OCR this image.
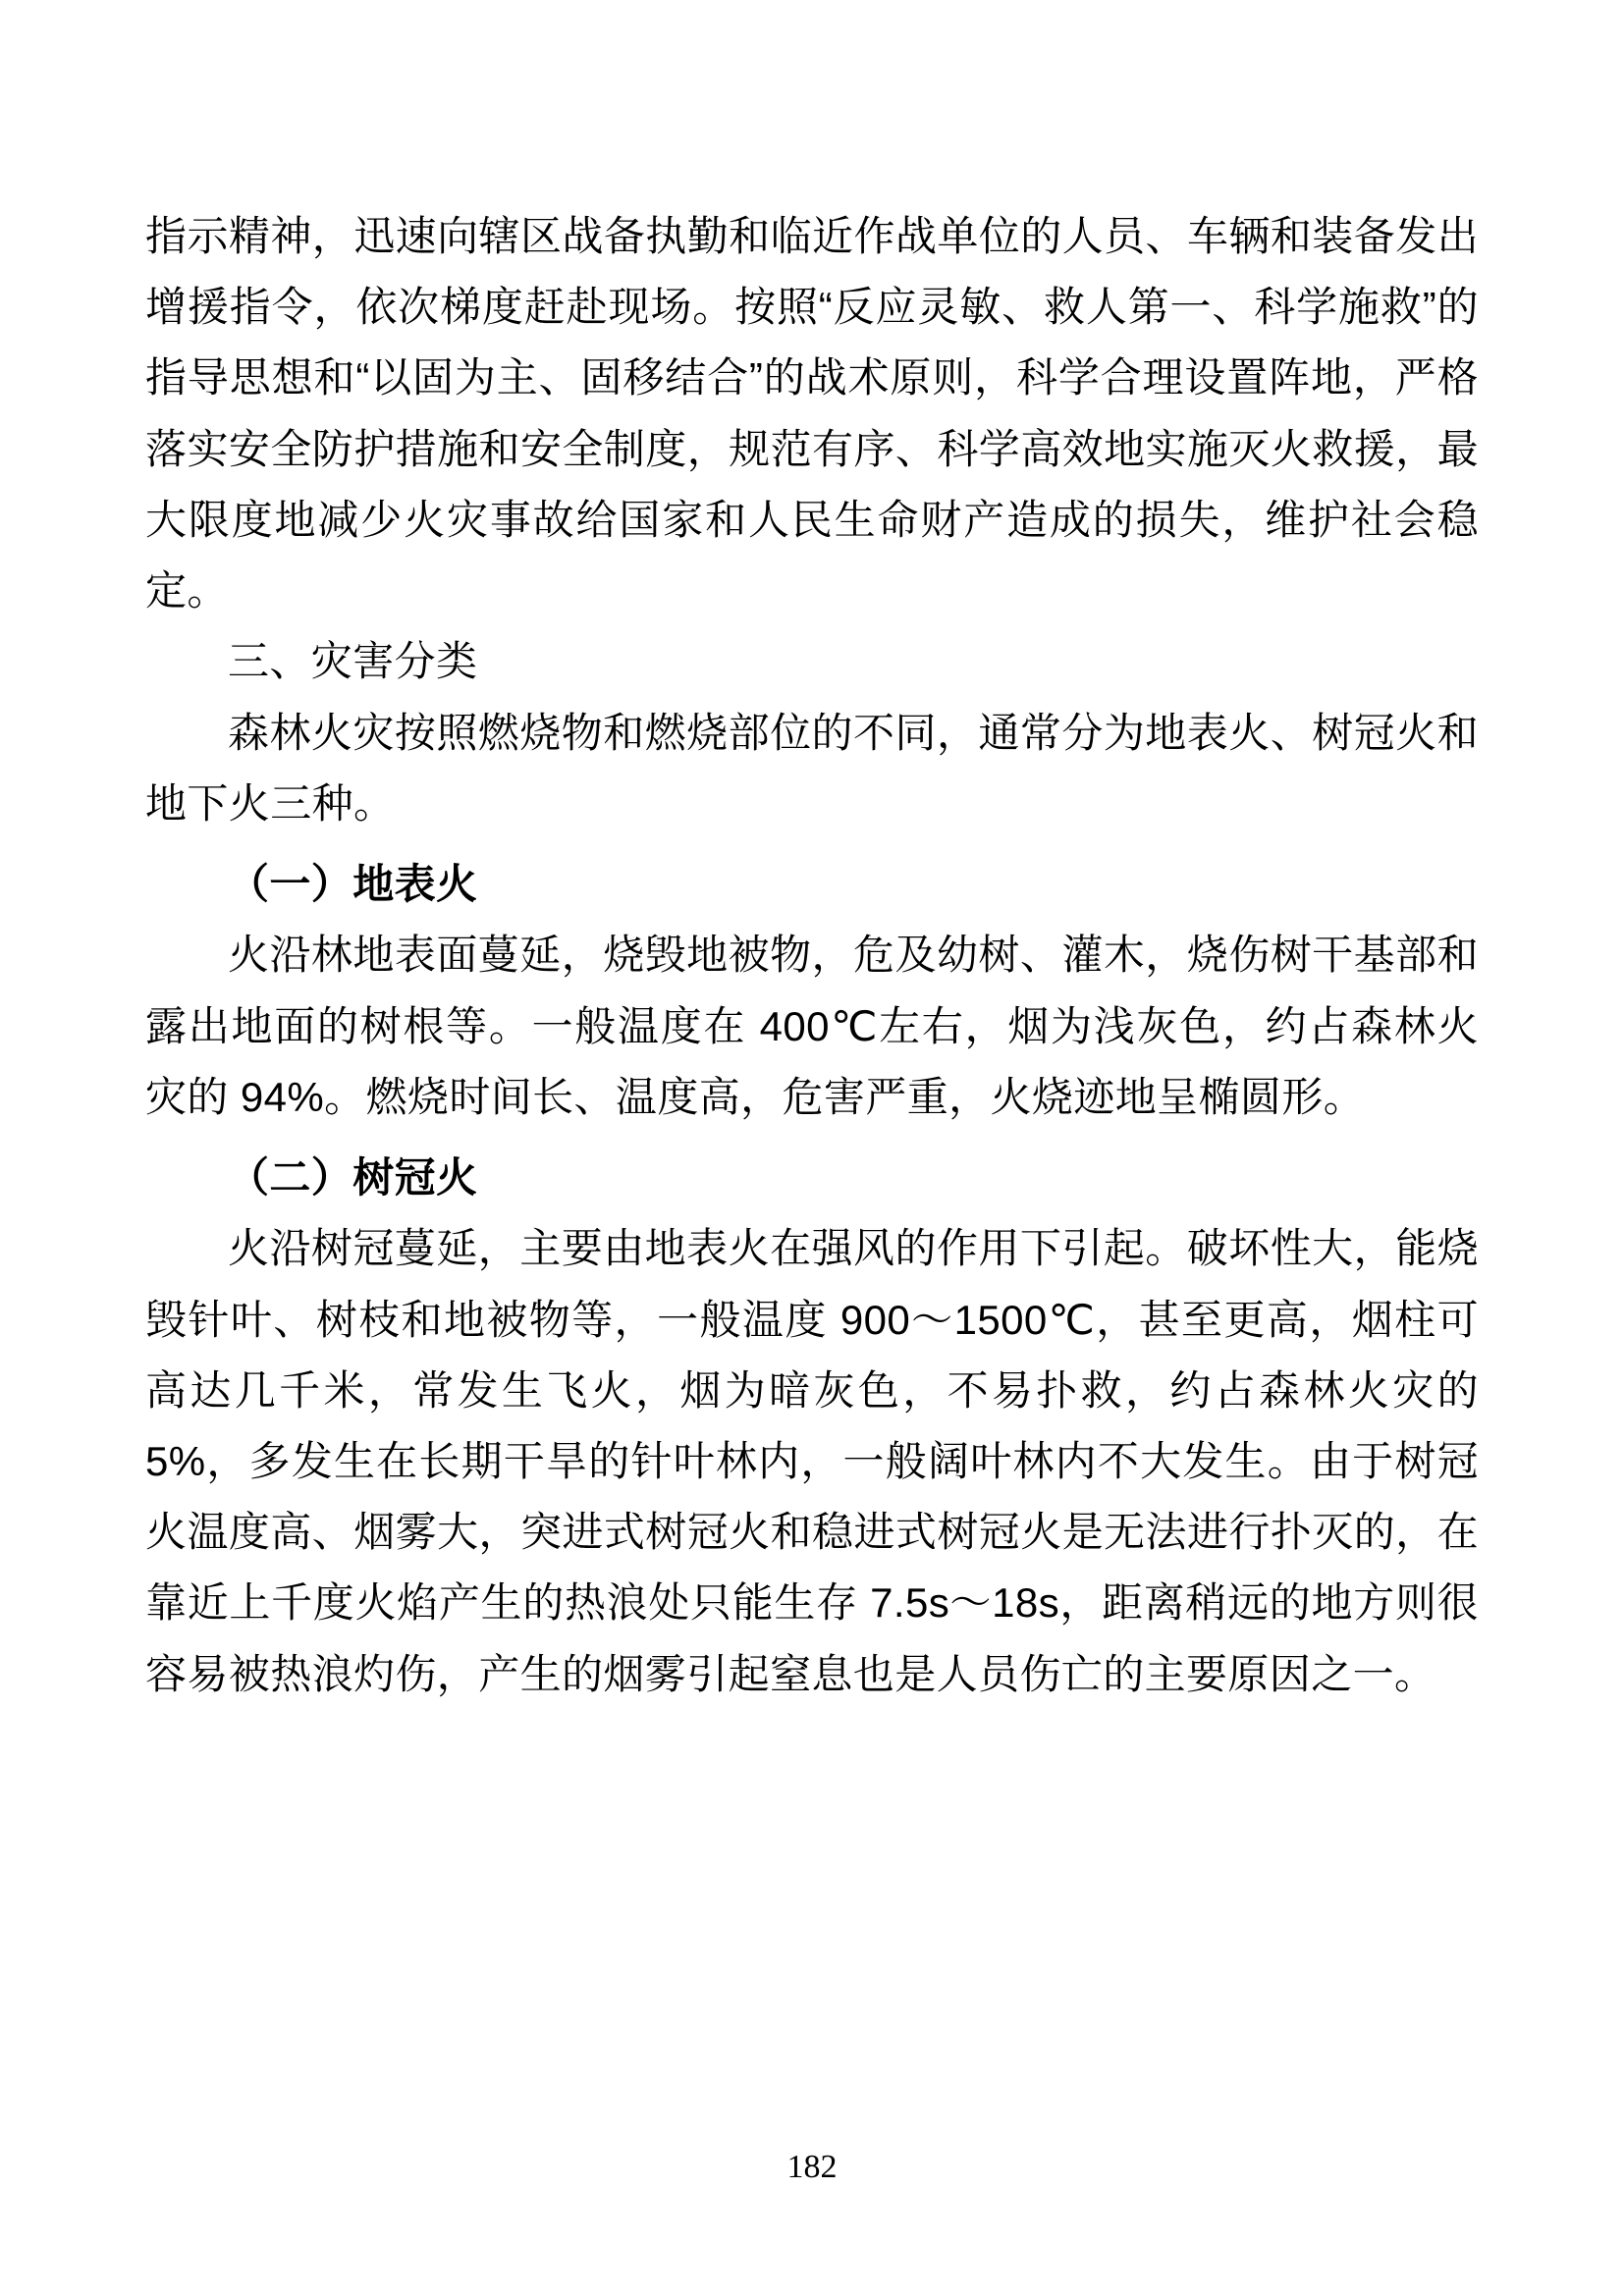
指示精神，迅速向辖区战备执勤和临近作战单位的人员、车辆和装备发出增援指令，依次梯度赶赴现场。按照“反应灵敏、救人第一、科学施救”的指导思想和“以固为主、固移结合”的战术原则，科学合理设置阵地，严格落实安全防护措施和安全制度，规范有序、科学高效地实施灭火救援，最大限度地减少火灾事故给国家和人民生命财产造成的损失，维护社会稳定。

三、灾害分类

森林火灾按照燃烧物和燃烧部位的不同，通常分为地表火、树冠火和地下火三种。

（一）地表火

火沿林地表面蔓延，烧毁地被物，危及幼树、灌木，烧伤树干基部和露出地面的树根等。一般温度在 400℃左右，烟为浅灰色，约占森林火灾的 94%。燃烧时间长、温度高，危害严重，火烧迹地呈椭圆形。

（二）树冠火

火沿树冠蔓延，主要由地表火在强风的作用下引起。破坏性大，能烧毁针叶、树枝和地被物等，一般温度 900～1500℃，甚至更高，烟柱可高达几千米，常发生飞火，烟为暗灰色，不易扑救，约占森林火灾的 5%，多发生在长期干旱的针叶林内，一般阔叶林内不大发生。由于树冠火温度高、烟雾大，突进式树冠火和稳进式树冠火是无法进行扑灭的，在靠近上千度火焰产生的热浪处只能生存 7.5s～18s，距离稍远的地方则很容易被热浪灼伤，产生的烟雾引起窒息也是人员伤亡的主要原因之一。

182
